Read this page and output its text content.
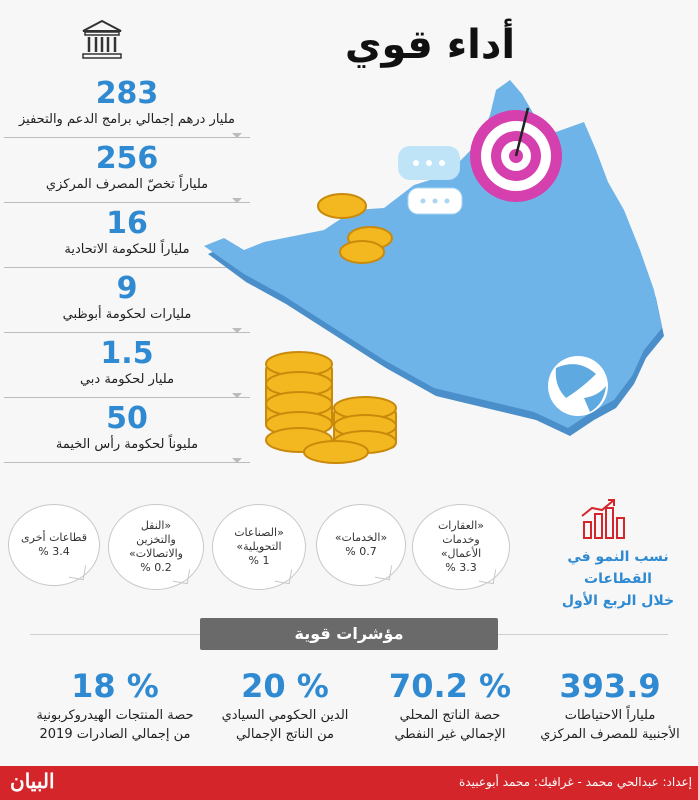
أداء قوي
283
مليار درهم إجمالي برامج الدعم والتحفيز
256
ملياراً تخصّ المصرف المركزي
16
ملياراً للحكومة الاتحادية
9
مليارات لحكومة أبوظبي
1.5
مليار لحكومة دبي
50
مليوناً لحكومة رأس الخيمة
نسب النمو في القطاعات
خلال الربع الأول
«العقارات وخدمات الأعمال»
3.3 %
«الخدمات»
0.7 %
«الصناعات التحويلية»
1 %
«النقل والتخزين والاتصالات»
0.2 %
قطاعات أخرى
3.4 %
مؤشرات قوية
393.9
ملياراً الاحتياطات
الأجنبية للمصرف المركزي
70.2 %
حصة الناتج المحلي
الإجمالي غير النفطي
20 %
الدين الحكومي السيادي
من الناتج الإجمالي
18 %
حصة المنتجات الهيدروكربونية
من إجمالي الصادرات 2019
إعداد: عبدالحي محمد - غرافيك: محمد أبوعبيدة
البيان
